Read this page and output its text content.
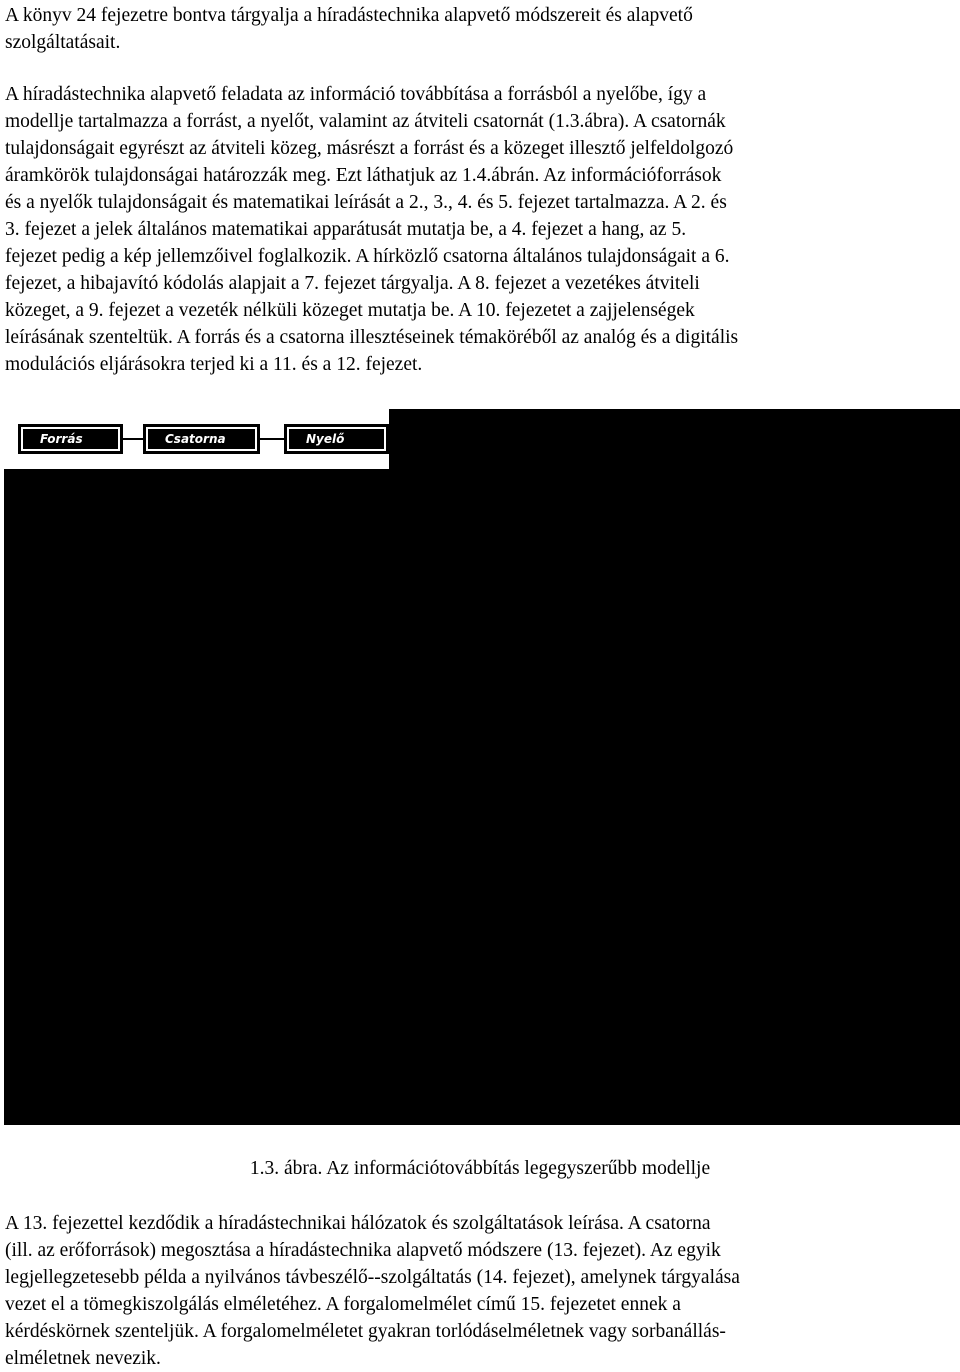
A könyv 24 fejezetre bontva tárgyalja a híradástechnika alapvető módszereit és alapvető
szolgáltatásait.
A híradástechnika alapvető feladata az információ továbbítása a forrásból a nyelőbe, így a
modellje tartalmazza a forrást, a nyelőt, valamint az átviteli csatornát (1.3.ábra). A csatornák
tulajdonságait egyrészt az átviteli közeg, másrészt a forrást és a közeget illesztő jelfeldolgozó
áramkörök tulajdonságai határozzák meg. Ezt láthatjuk az 1.4.ábrán. Az információforrások
és a nyelők tulajdonságait és matematikai leírását a 2., 3., 4. és 5. fejezet tartalmazza. A 2. és
3. fejezet a jelek általános matematikai apparátusát mutatja be, a 4. fejezet a hang, az 5.
fejezet pedig a kép jellemzőivel foglalkozik. A hírközlő csatorna általános tulajdonságait a 6.
fejezet, a hibajavító kódolás alapjait a 7. fejezet tárgyalja. A 8. fejezet a vezetékes átviteli
közeget, a 9. fejezet a vezeték nélküli közeget mutatja be. A 10. fejezetet a zajjelenségek
leírásának szenteltük. A forrás és a csatorna illesztéseinek témaköréből az analóg és a digitális
modulációs eljárásokra terjed ki a 11. és a 12. fejezet.
Forrás	Csatorna	Nyelő
1.3. ábra. Az információtovábbítás legegyszerűbb modellje
A 13. fejezettel kezdődik a híradástechnikai hálózatok és szolgáltatások leírása. A csatorna
(ill. az erőforrások) megosztása a híradástechnika alapvető módszere (13. fejezet). Az egyik
legjellegzetesebb példa a nyilvános távbeszélő--szolgáltatás (14. fejezet), amelynek tárgyalása
vezet el a tömegkiszolgálás elméletéhez. A forgalomelmélet című 15. fejezetet ennek a
kérdéskörnek szenteljük. A forgalomelméletet gyakran torlódáselméletnek vagy sorbanállás-
elméletnek nevezik.
